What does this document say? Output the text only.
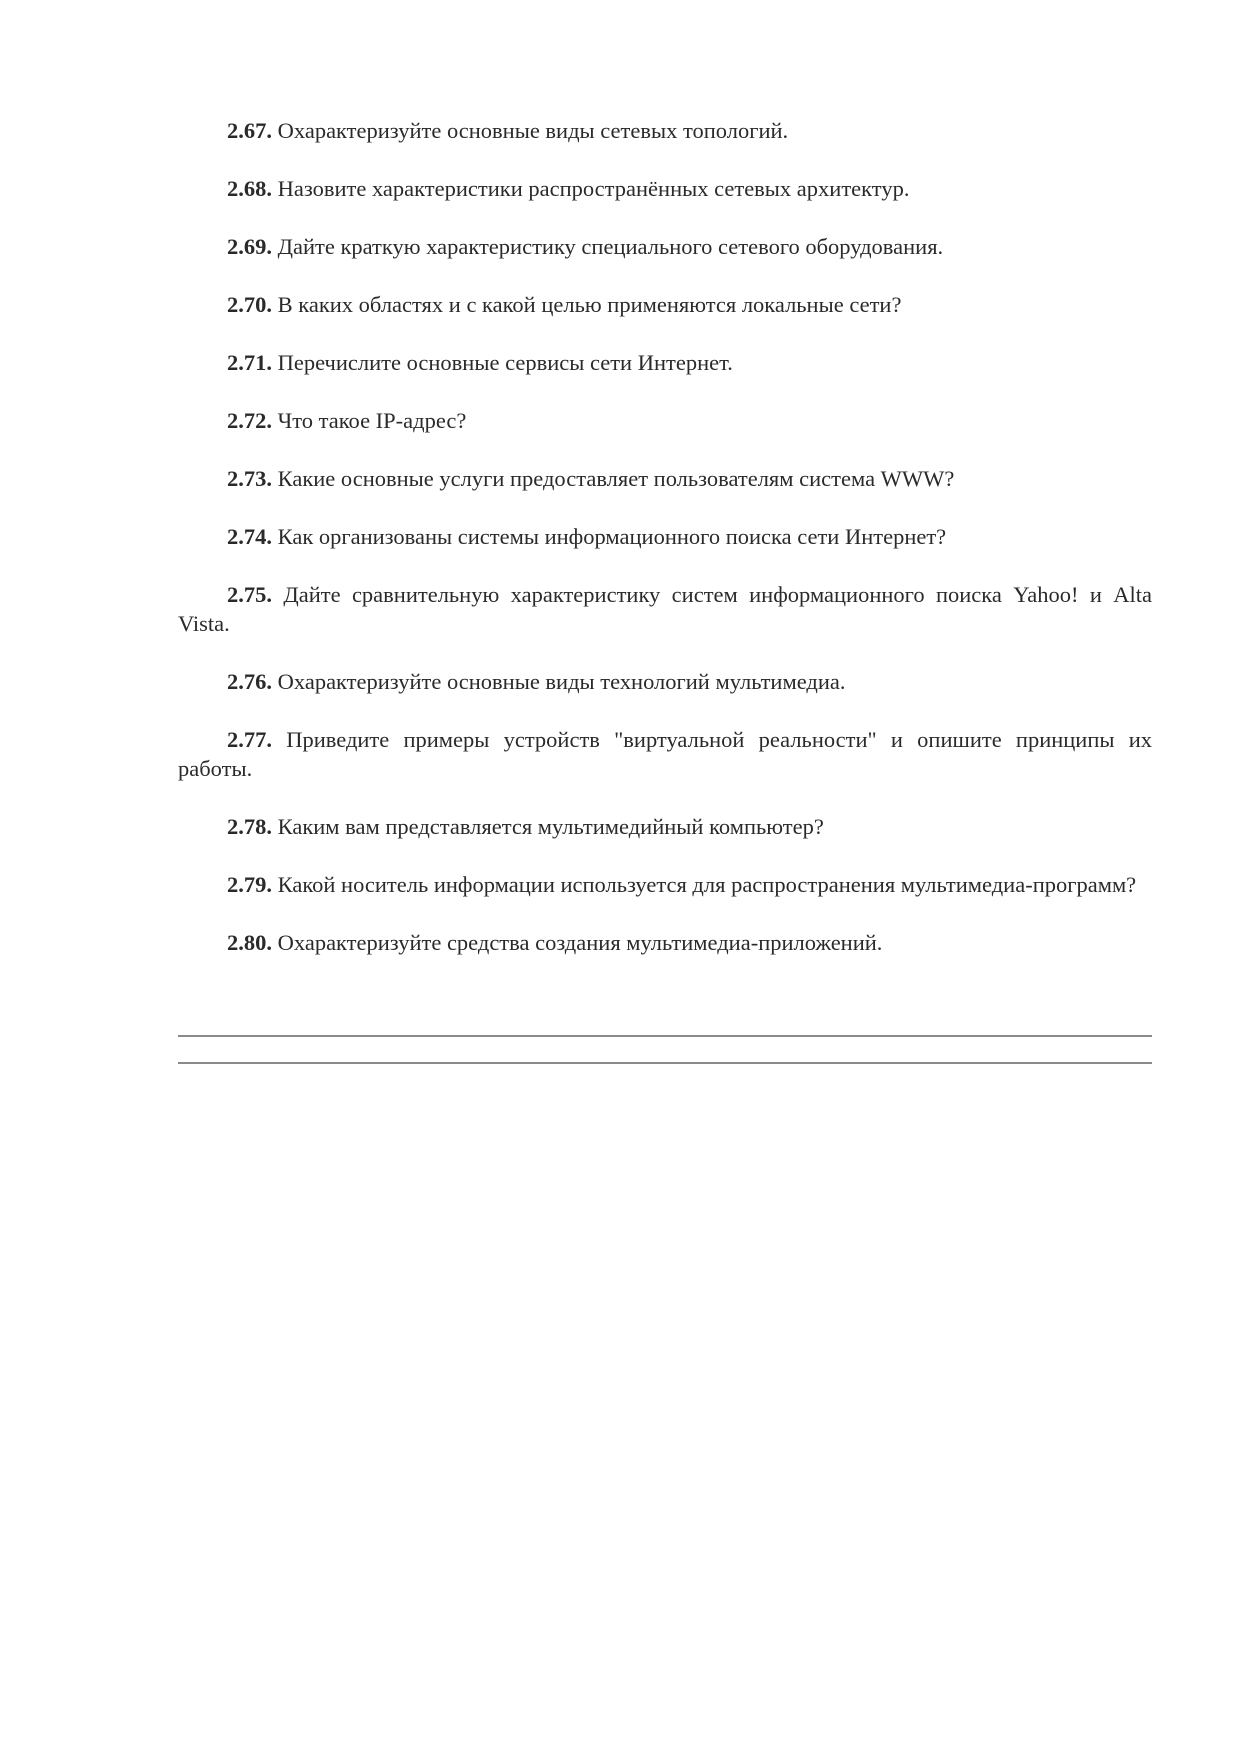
2.67. Охарактеризуйте основные виды сетевых топологий.

2.68. Назовите характеристики распространённых сетевых архитектур.

2.69. Дайте краткую характеристику специального сетевого оборудования.

2.70. В каких областях и с какой целью применяются локальные сети?

2.71. Перечислите основные сервисы сети Интернет.

2.72. Что такое IP-адрес?

2.73. Какие основные услуги предоставляет пользователям система WWW?

2.74. Как организованы системы информационного поиска сети Интернет?

2.75. Дайте сравнительную характеристику систем информационного поиска Yahoo! и Alta Vista.

2.76. Охарактеризуйте основные виды технологий мультимедиа.

2.77. Приведите примеры устройств "виртуальной реальности" и опишите принципы их работы.

2.78. Каким вам представляется мультимедийный компьютер?

2.79. Какой носитель информации используется для распространения мультимедиа-программ?

2.80. Охарактеризуйте средства создания мультимедиа-приложений.
